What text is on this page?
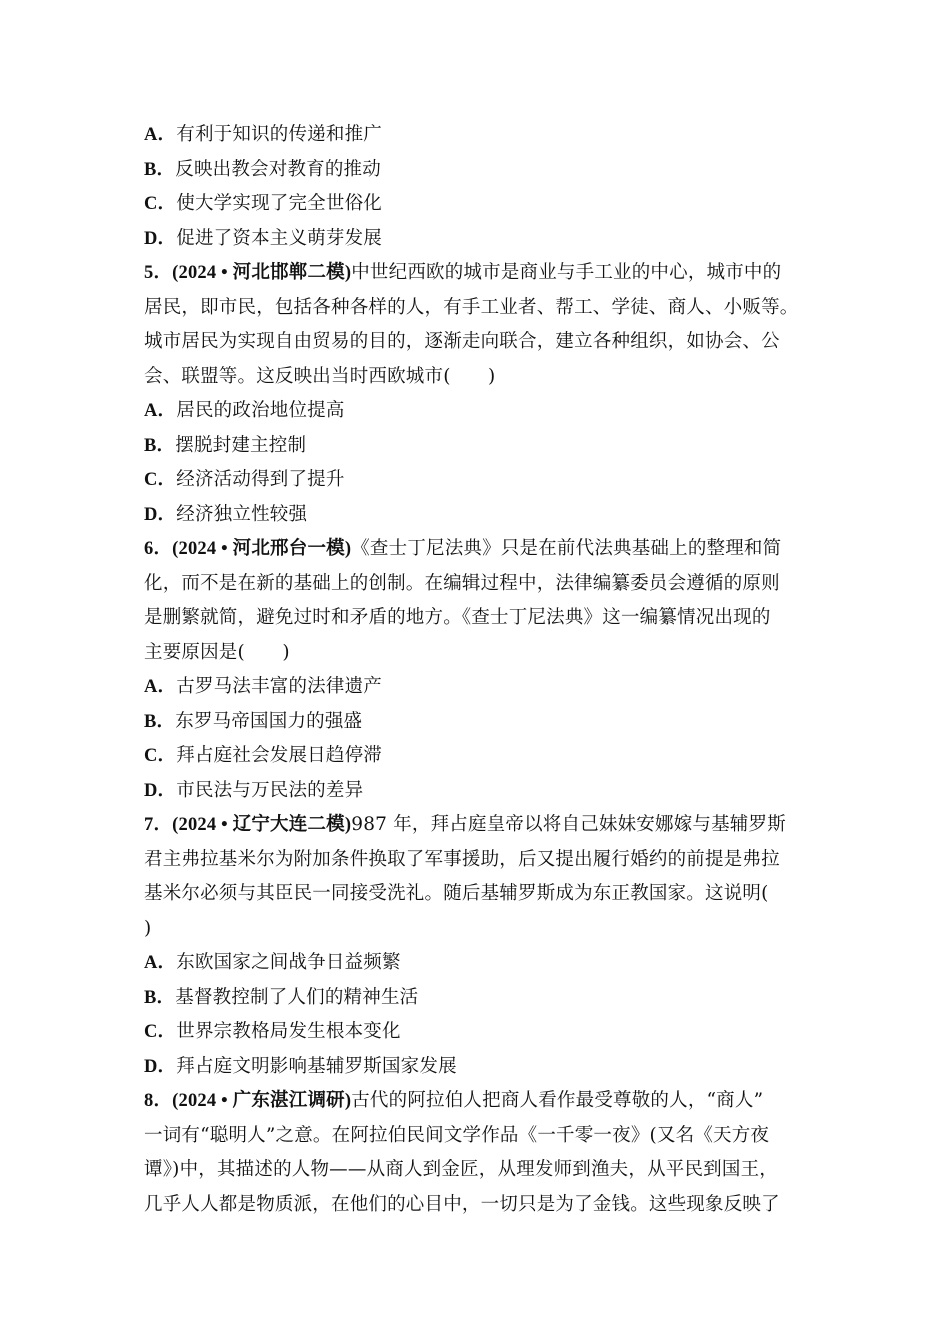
A．有利于知识的传递和推广
B．反映出教会对教育的推动
C．使大学实现了完全世俗化
D．促进了资本主义萌芽发展
5．(2024 • 河北邯郸二模)中世纪西欧的城市是商业与手工业的中心，城市中的
居民，即市民，包括各种各样的人，有手工业者、帮工、学徒、商人、小贩等。
城市居民为实现自由贸易的目的，逐渐走向联合，建立各种组织，如协会、公
会、联盟等。这反映出当时西欧城市(　　)
A．居民的政治地位提高
B．摆脱封建主控制
C．经济活动得到了提升
D．经济独立性较强
6．(2024 • 河北邢台一模)《查士丁尼法典》只是在前代法典基础上的整理和简
化，而不是在新的基础上的创制。在编辑过程中，法律编纂委员会遵循的原则
是删繁就简，避免过时和矛盾的地方。《查士丁尼法典》这一编纂情况出现的
主要原因是(　　)
A．古罗马法丰富的法律遗产
B．东罗马帝国国力的强盛
C．拜占庭社会发展日趋停滞
D．市民法与万民法的差异
7．(2024 • 辽宁大连二模)987 年，拜占庭皇帝以将自己妹妹安娜嫁与基辅罗斯
君主弗拉基米尔为附加条件换取了军事援助，后又提出履行婚约的前提是弗拉
基米尔必须与其臣民一同接受洗礼。随后基辅罗斯成为东正教国家。这说明(
)
A．东欧国家之间战争日益频繁
B．基督教控制了人们的精神生活
C．世界宗教格局发生根本变化
D．拜占庭文明影响基辅罗斯国家发展
8．(2024 • 广东湛江调研)古代的阿拉伯人把商人看作最受尊敬的人，“商人”
一词有“聪明人”之意。在阿拉伯民间文学作品《一千零一夜》(又名《天方夜
谭》)中，其描述的人物——从商人到金匠，从理发师到渔夫，从平民到国王，
几乎人人都是物质派，在他们的心目中，一切只是为了金钱。这些现象反映了
